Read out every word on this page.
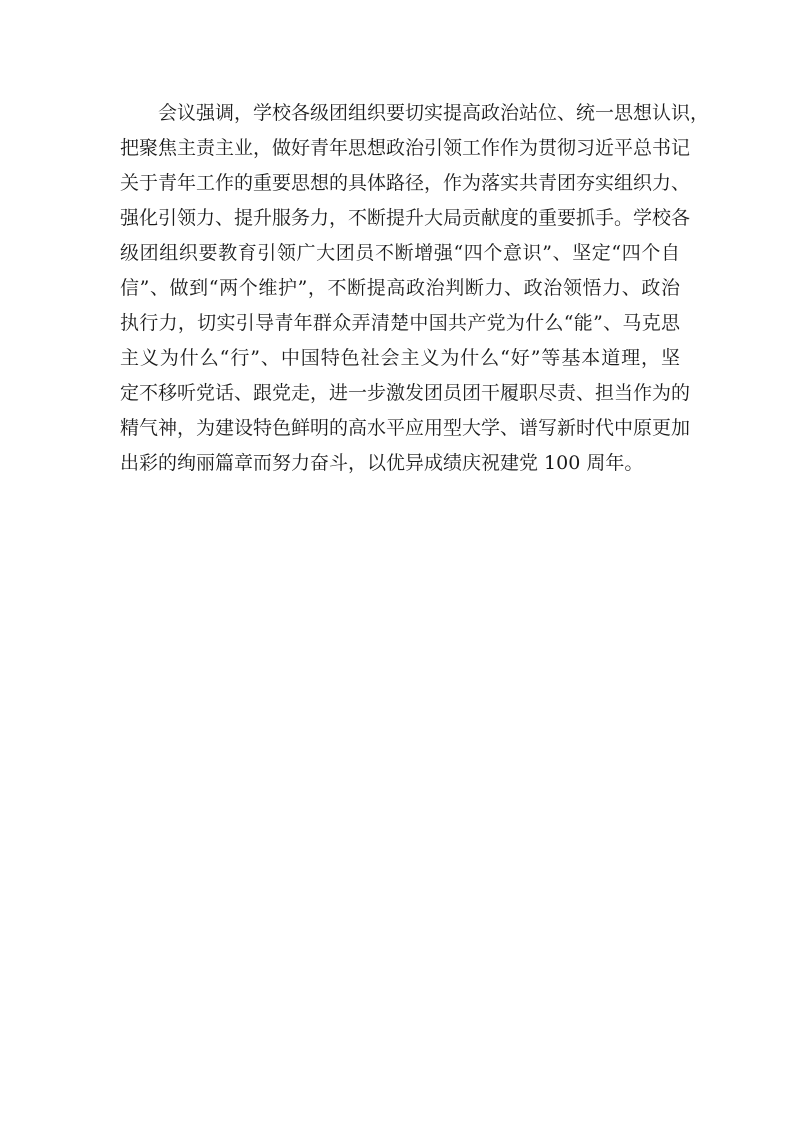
会议强调，学校各级团组织要切实提高政治站位、统一思想认识，
把聚焦主责主业，做好青年思想政治引领工作作为贯彻习近平总书记
关于青年工作的重要思想的具体路径，作为落实共青团夯实组织力、
强化引领力、提升服务力，不断提升大局贡献度的重要抓手。学校各
级团组织要教育引领广大团员不断增强“四个意识”、坚定“四个自
信”、做到“两个维护”，不断提高政治判断力、政治领悟力、政治
执行力，切实引导青年群众弄清楚中国共产党为什么“能”、马克思
主义为什么“行”、中国特色社会主义为什么“好”等基本道理，坚
定不移听党话、跟党走，进一步激发团员团干履职尽责、担当作为的
精气神，为建设特色鲜明的高水平应用型大学、谱写新时代中原更加
出彩的绚丽篇章而努力奋斗，以优异成绩庆祝建党 100 周年。
